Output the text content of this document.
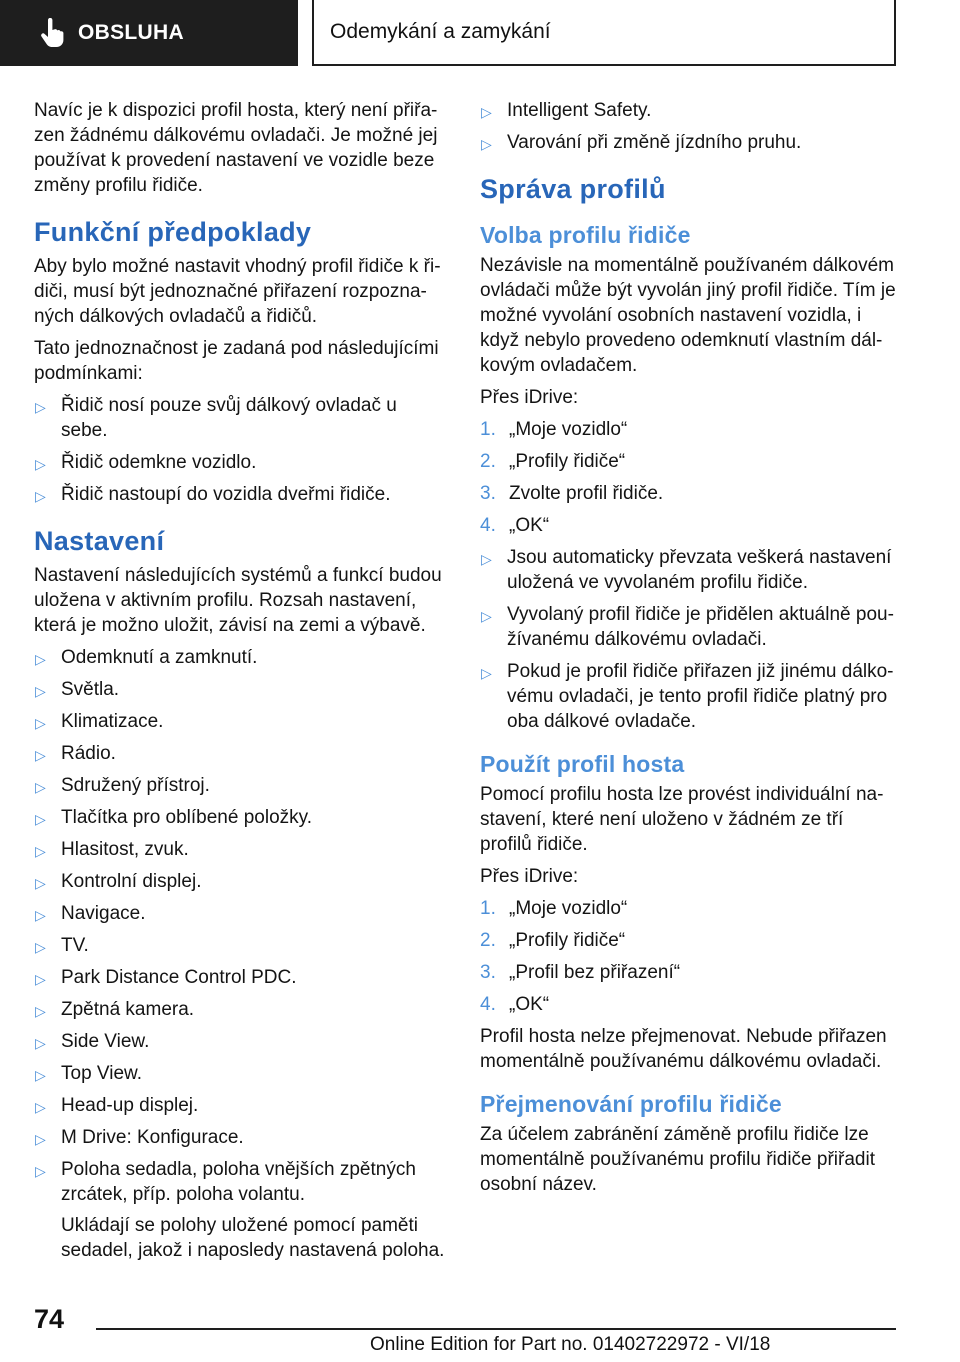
OBSLUHA	Odemykání a zamykání

Navíc je k dispozici profil hosta, který není přiřa-zen žádnému dálkovému ovladači. Je možné jej používat k provedení nastavení ve vozidle beze změny profilu řidiče.

Funkční předpoklady

Aby bylo možné nastavit vhodný profil řidiče k ři-diči, musí být jednoznačné přiřazení rozpozna-ných dálkových ovladačů a řidičů.

Tato jednoznačnost je zadaná pod následujícími podmínkami:

▷ Řidič nosí pouze svůj dálkový ovladač u sebe.
▷ Řidič odemkne vozidlo.
▷ Řidič nastoupí do vozidla dveřmi řidiče.
Nastavení

Nastavení následujících systémů a funkcí budou uložena v aktivním profilu. Rozsah nastavení, která je možno uložit, závisí na zemi a výbavě.

▷ Odemknutí a zamknutí.
▷ Světla.
▷ Klimatizace.
▷ Rádio.
▷ Sdružený přístroj.
▷ Tlačítka pro oblíbené položky.
▷ Hlasitost, zvuk.
▷ Kontrolní displej.
▷ Navigace.
▷ TV.
▷ Park Distance Control PDC.
▷ Zpětná kamera.
▷ Side View.
▷ Top View.
▷ Head-up displej.
▷ M Drive: Konfigurace.
▷ Poloha sedadla, poloha vnějších zpětných zrcátek, příp. poloha volantu.
Ukládají se polohy uložené pomocí paměti sedadel, jakož i naposledy nastavená poloha.
▷ Intelligent Safety.
▷ Varování při změně jízdního pruhu.
Správa profilů
Volba profilu řidiče

Nezávisle na momentálně používaném dálkovém ovládači může být vyvolán jiný profil řidiče. Tím je možné vyvolání osobních nastavení vozidla, i když nebylo provedeno odemknutí vlastním dál-kovým ovladačem.

Přes iDrive:

1. „Moje vozidlo“
2. „Profily řidiče“
3. Zvolte profil řidiče.
4. „OK“
▷ Jsou automaticky převzata veškerá nastavení uložená ve vyvolaném profilu řidiče.
▷ Vyvolaný profil řidiče je přidělen aktuálně pou-žívanému dálkovému ovladači.
▷ Pokud je profil řidiče přiřazen již jinému dálko-vému ovladači, je tento profil řidiče platný pro oba dálkové ovladače.
Použít profil hosta

Pomocí profilu hosta lze provést individuální na-stavení, které není uloženo v žádném ze tří profilů řidiče.

Přes iDrive:

1. „Moje vozidlo“
2. „Profily řidiče“
3. „Profil bez přiřazení“
4. „OK“

Profil hosta nelze přejmenovat. Nebude přiřazen momentálně používanému dálkovému ovladači.

Přejmenování profilu řidiče

Za účelem zabránění záměně profilu řidiče lze momentálně používanému profilu řidiče přiřadit osobní název.

74
Online Edition for Part no. 01402722972 - VI/18
